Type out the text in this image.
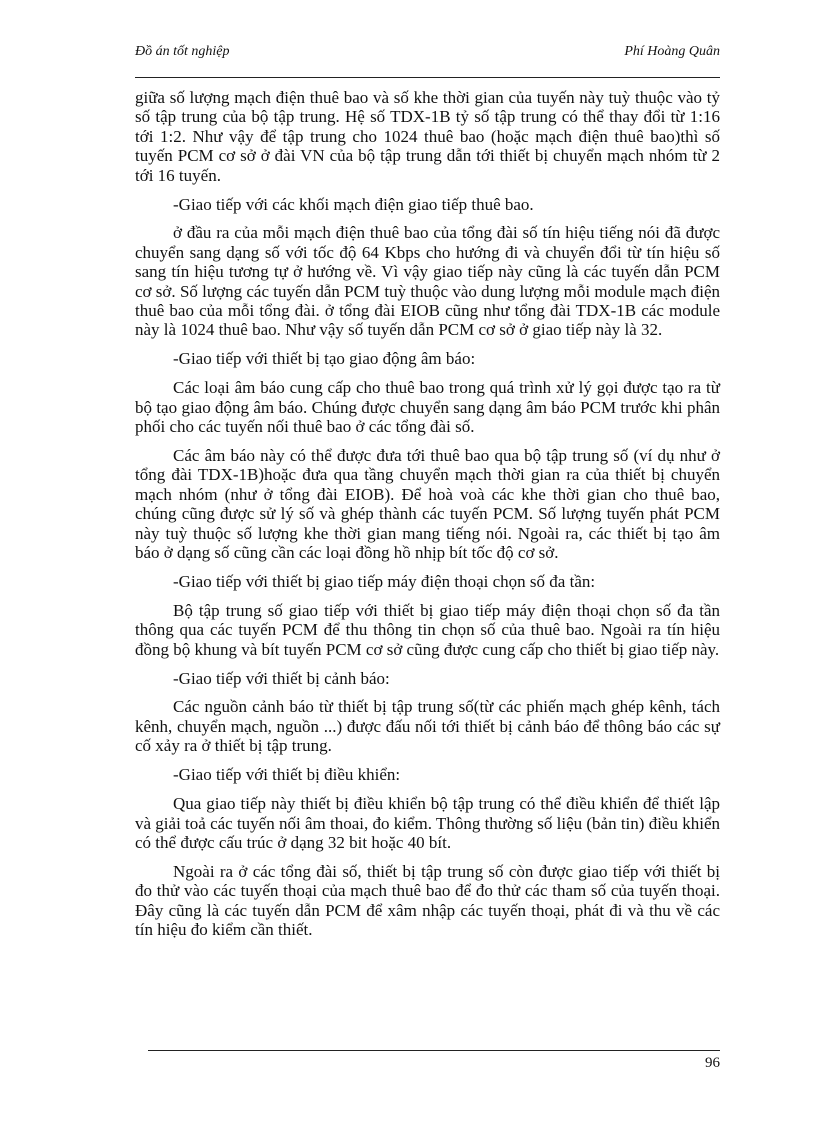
Đồ án tốt nghiệp	Phí Hoàng Quân

giữa số lượng mạch điện thuê bao và số khe thời gian của tuyến này tuỳ thuộc vào tỷ số tập trung của bộ tập trung. Hệ số TDX-1B tỷ số tập trung có thể thay đổi từ 1:16 tới 1:2. Như vậy để tập trung cho 1024 thuê bao (hoặc mạch điện thuê bao)thì số tuyến PCM cơ sở ở đài VN của bộ tập trung dẫn tới thiết bị chuyển mạch nhóm từ 2 tới 16 tuyến.

-Giao tiếp với các khối mạch điện giao tiếp thuê bao.

ở đầu ra của mỗi mạch điện thuê bao của tổng đài số tín hiệu tiếng nói đã được chuyển sang dạng số với tốc độ 64 Kbps cho hướng đi và chuyển đổi từ tín hiệu số sang tín hiệu tương tự ở hướng về. Vì vậy giao tiếp này cũng là các tuyến dẫn PCM cơ sở. Số lượng các tuyến dẫn PCM tuỳ thuộc vào dung lượng mỗi module mạch điện thuê bao của mỗi tổng đài. ở tổng đài EIOB cũng như tổng đài TDX-1B các module này là 1024 thuê bao. Như vậy số tuyến dẫn PCM cơ sở ở giao tiếp này là 32.

-Giao tiếp với thiết bị tạo giao động âm báo:

Các loại âm báo cung cấp cho thuê bao trong quá trình xử lý gọi được tạo ra từ bộ tạo giao động âm báo. Chúng được chuyển sang dạng âm báo PCM trước khi phân phối cho các tuyến nối thuê bao ở các tổng đài số.

Các âm báo này có thể được đưa tới thuê bao qua bộ tập trung số (ví dụ như ở tổng đài TDX-1B)hoặc đưa qua tầng chuyển mạch thời gian ra của thiết bị chuyển mạch nhóm (như ở tổng đài EIOB). Để hoà voà các khe thời gian cho thuê bao, chúng cũng được sử lý số và ghép thành các tuyến PCM. Số lượng tuyến phát PCM này tuỳ thuộc số lượng khe thời gian mang tiếng nói. Ngoài ra, các thiết bị tạo âm báo ở dạng số cũng cần các loại đồng hồ nhịp bít tốc độ cơ sở.

-Giao tiếp với thiết bị giao tiếp máy điện thoại chọn số đa tần:

Bộ tập trung số giao tiếp với thiết bị giao tiếp máy điện thoại chọn số đa tần thông qua các tuyến PCM để thu thông tin chọn số của thuê bao. Ngoài ra tín hiệu đồng bộ khung và bít tuyến PCM cơ sở cũng được cung cấp cho thiết bị giao tiếp này.

-Giao tiếp với thiết bị cảnh báo:

Các nguồn cảnh báo từ thiết bị tập trung số(từ các phiến mạch ghép kênh, tách kênh, chuyển mạch, nguồn ...) được đấu nối tới thiết bị cảnh báo để thông báo các sự cố xảy ra ở thiết bị tập trung.

-Giao tiếp với thiết bị điều khiển:

Qua giao tiếp này thiết bị điều khiển bộ tập trung có thể điều khiển để thiết lập và giải toả các tuyến nối âm thoai, đo kiểm. Thông thường số liệu (bản tin) điều khiển có thể được cấu trúc ở dạng 32 bit hoặc 40 bít.

Ngoài ra ở các tổng đài số, thiết bị tập trung số còn được giao tiếp với thiết bị đo thử vào các tuyến thoại của mạch thuê bao để đo thử các tham số của tuyến thoại. Đây cũng là các tuyến dẫn PCM để xâm nhập các tuyến thoại, phát đi và thu về các tín hiệu đo kiểm cần thiết.

96
